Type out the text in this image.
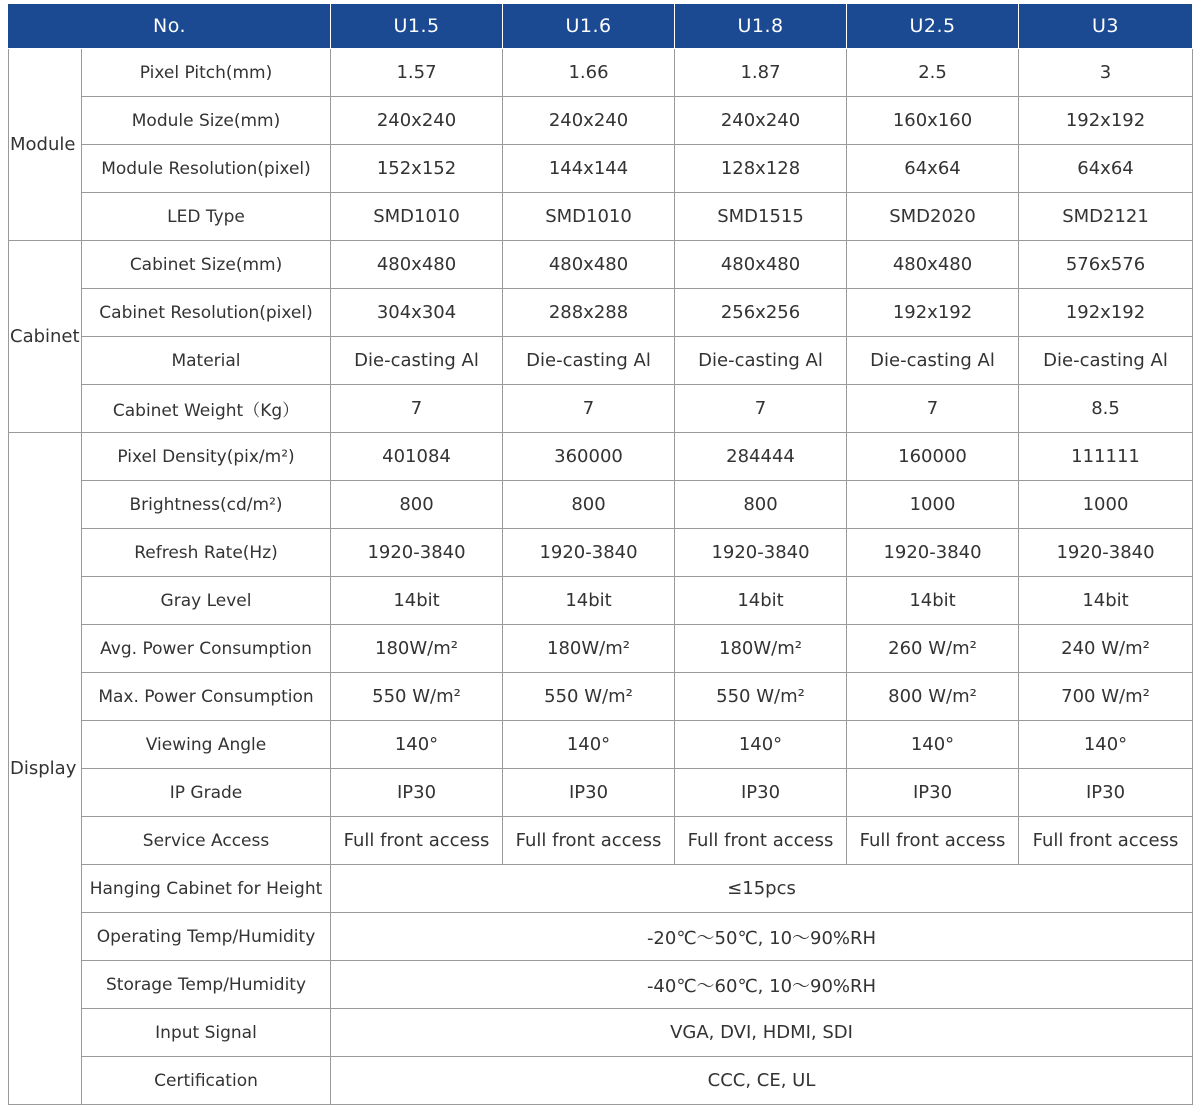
No.		U1.5	U1.6	U1.8	U2.5	U3
Module	Pixel Pitch(mm)	1.57	1.66	1.87	2.5	3
	Module Size(mm)	240x240	240x240	240x240	160x160	192x192
	Module Resolution(pixel)	152x152	144x144	128x128	64x64	64x64
	LED Type	SMD1010	SMD1010	SMD1515	SMD2020	SMD2121
Cabinet	Cabinet Size(mm)	480x480	480x480	480x480	480x480	576x576
	Cabinet Resolution(pixel)	304x304	288x288	256x256	192x192	192x192
	Material	Die-casting Al	Die-casting Al	Die-casting Al	Die-casting Al	Die-casting Al
	Cabinet Weight（Kg）	7	7	7	7	8.5
Display	Pixel Density(pix/m²)	401084	360000	284444	160000	111111
	Brightness(cd/m²)	800	800	800	1000	1000
	Refresh Rate(Hz)	1920-3840	1920-3840	1920-3840	1920-3840	1920-3840
	Gray Level	14bit	14bit	14bit	14bit	14bit
	Avg. Power Consumption	180W/m²	180W/m²	180W/m²	260 W/m²	240 W/m²
	Max. Power Consumption	550 W/m²	550 W/m²	550 W/m²	800 W/m²	700 W/m²
	Viewing Angle	140°	140°	140°	140°	140°
	IP Grade	IP30	IP30	IP30	IP30	IP30
	Service Access	Full front access	Full front access	Full front access	Full front access	Full front access
	Hanging Cabinet for Height	≤15pcs				
	Operating Temp/Humidity	-20℃～50℃, 10～90%RH				
	Storage Temp/Humidity	-40℃～60℃, 10～90%RH				
	Input Signal	VGA, DVI, HDMI, SDI				
	Certification	CCC, CE, UL				
